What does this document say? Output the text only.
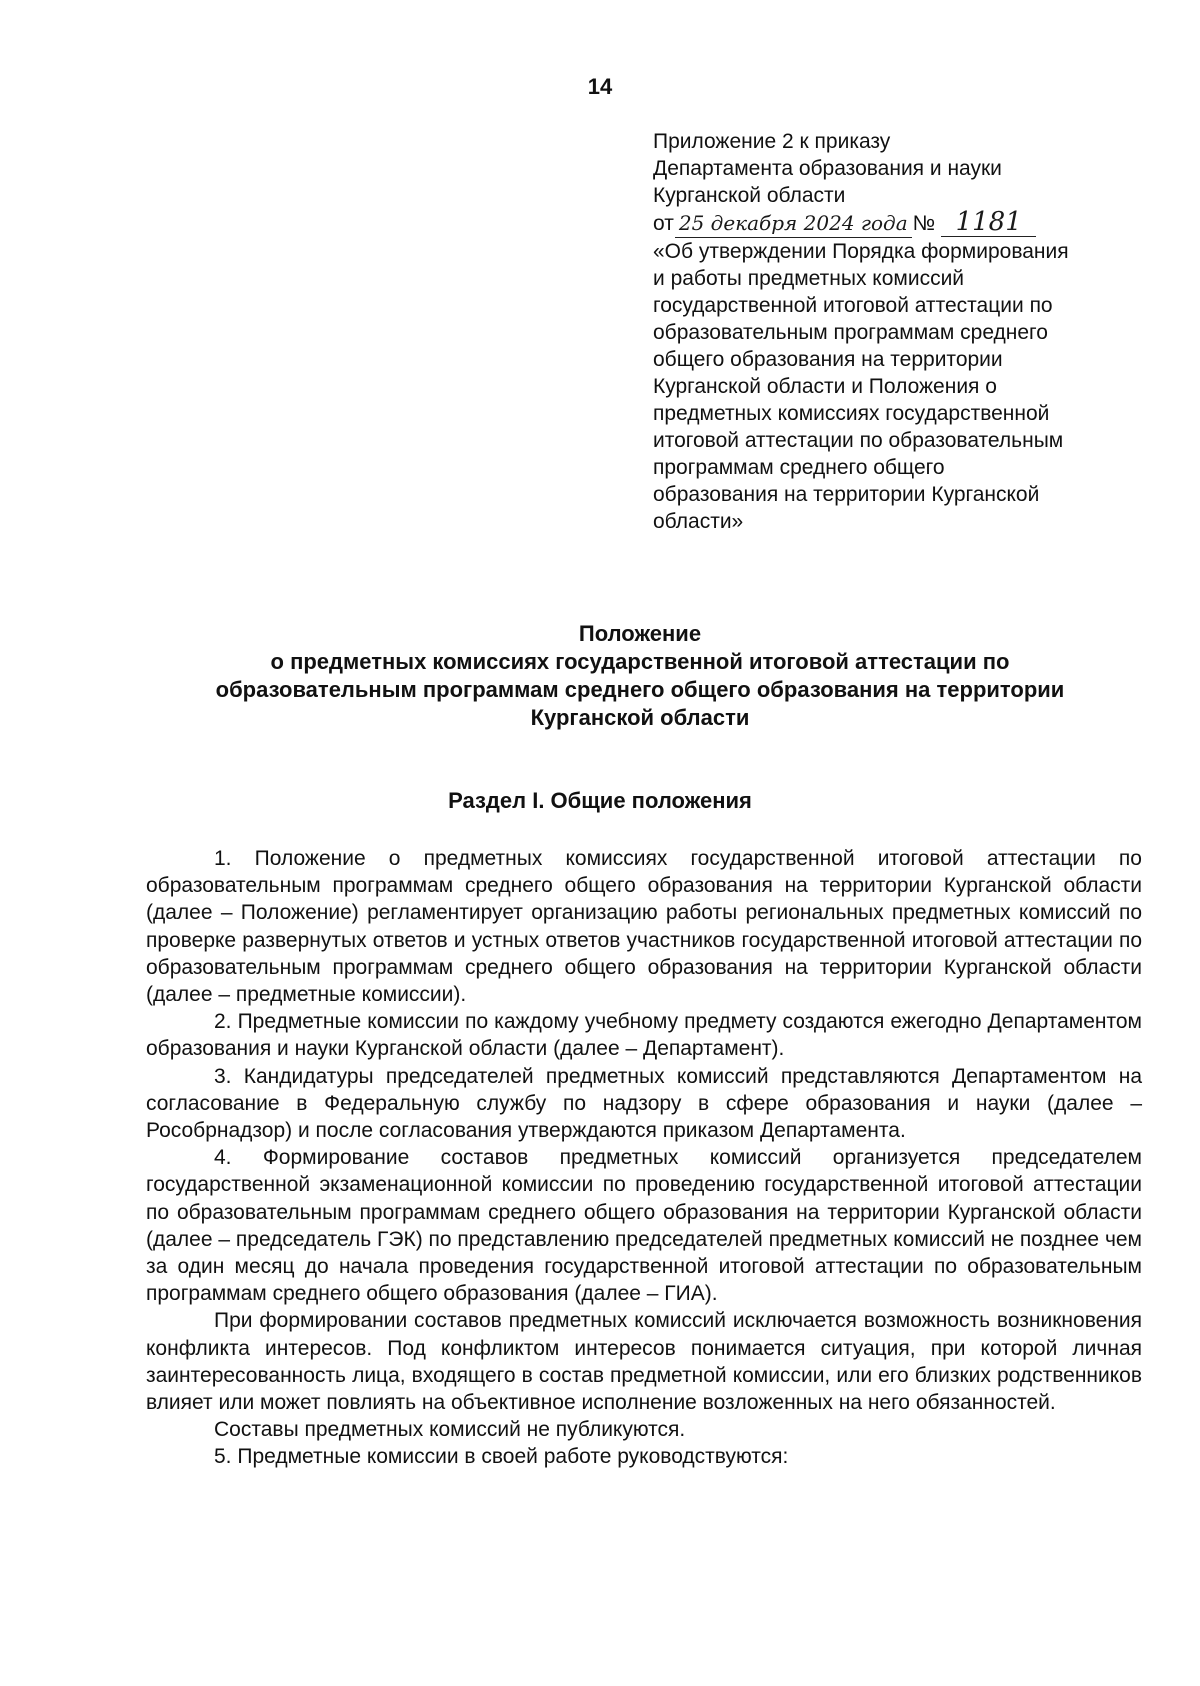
14
Приложение 2 к приказу
Департамента образования и науки
Курганской области
от 25 декабря 2024 года № 1181
«Об утверждении Порядка формирования
и работы предметных комиссий
государственной итоговой аттестации по
образовательным программам среднего
общего образования на территории
Курганской области и Положения о
предметных комиссиях государственной
итоговой аттестации по образовательным
программам среднего общего
образования на территории Курганской
области»
Положение
о предметных комиссиях государственной итоговой аттестации по
образовательным программам среднего общего образования на территории
Курганской области
Раздел I. Общие положения

1. Положение о предметных комиссиях государственной итоговой аттестации по образовательным программам среднего общего образования на территории Курганской области (далее – Положение) регламентирует организацию работы региональных предметных комиссий по проверке развернутых ответов и устных ответов участников государственной итоговой аттестации по образовательным программам среднего общего образования на территории Курганской области (далее – предметные комиссии).

2. Предметные комиссии по каждому учебному предмету создаются ежегодно Департаментом образования и науки Курганской области (далее – Департамент).

3. Кандидатуры председателей предметных комиссий представляются Департаментом на согласование в Федеральную службу по надзору в сфере образования и науки (далее – Рособрнадзор) и после согласования утверждаются приказом Департамента.

4. Формирование составов предметных комиссий организуется председателем государственной экзаменационной комиссии по проведению государственной итоговой аттестации по образовательным программам среднего общего образования на территории Курганской области (далее – председатель ГЭК) по представлению председателей предметных комиссий не позднее чем за один месяц до начала проведения государственной итоговой аттестации по образовательным программам среднего общего образования (далее – ГИА).

При формировании составов предметных комиссий исключается возможность возникновения конфликта интересов. Под конфликтом интересов понимается ситуация, при которой личная заинтересованность лица, входящего в состав предметной комиссии, или его близких родственников влияет или может повлиять на объективное исполнение возложенных на него обязанностей.

Составы предметных комиссий не публикуются.

5. Предметные комиссии в своей работе руководствуются:
